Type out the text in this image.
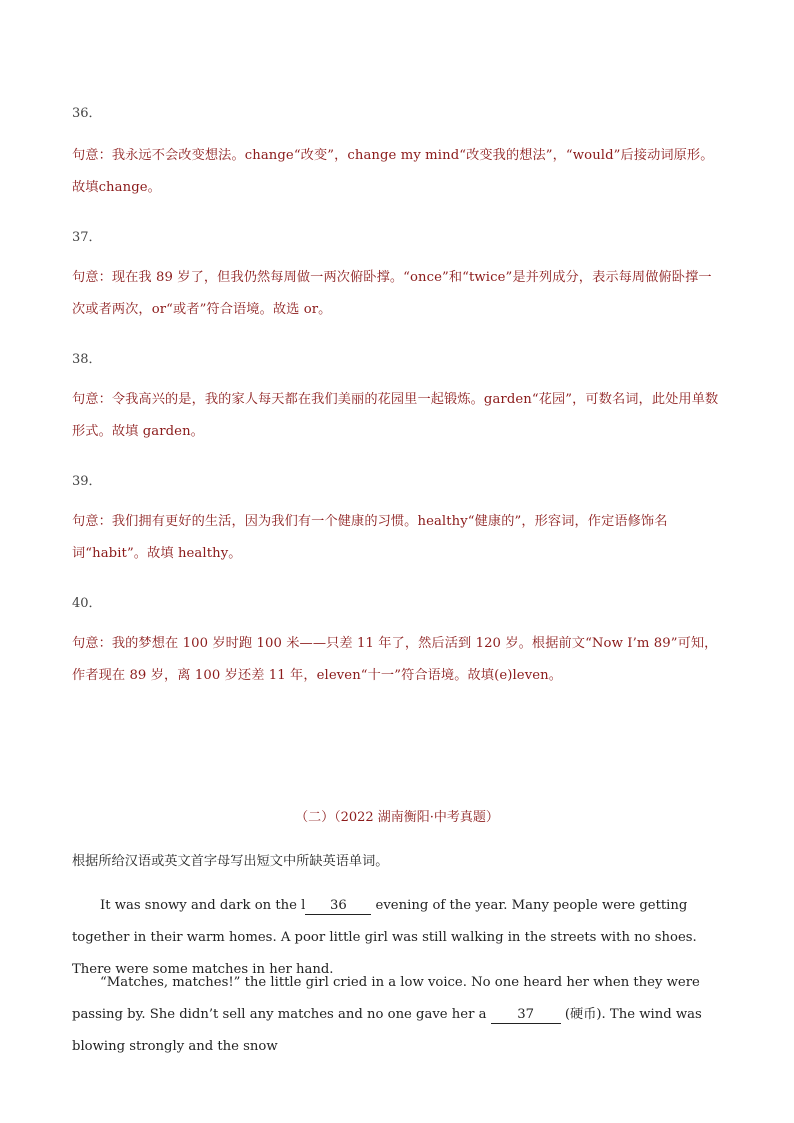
36．
句意：我永远不会改变想法。change“改变”，change my mind“改变我的想法”，“would”后接动词原形。故填change。
37．
句意：现在我 89 岁了，但我仍然每周做一两次俯卧撑。“once”和“twice”是并列成分，表示每周做俯卧撑一次或者两次，or“或者”符合语境。故选 or。
38．
句意：令我高兴的是，我的家人每天都在我们美丽的花园里一起锻炼。garden“花园”，可数名词，此处用单数形式。故填 garden。
39．
句意：我们拥有更好的生活，因为我们有一个健康的习惯。healthy“健康的”，形容词，作定语修饰名词“habit”。故填 healthy。
40．
句意：我的梦想在 100 岁时跑 100 米——只差 11 年了，然后活到 120 岁。根据前文“Now I’m 89”可知，作者现在 89 岁，离 100 岁还差 11 年，eleven“十一”符合语境。故填(e)leven。
（二）（2022 湖南衡阳·中考真题）
根据所给汉语或英文首字母写出短文中所缺英语单词。
It was snowy and dark on the l 36 evening of the year. Many people were getting together in their warm homes. A poor little girl was still walking in the streets with no shoes. There were some matches in her hand.
“Matches, matches!” the little girl cried in a low voice. No one heard her when they were passing by. She didn’t sell any matches and no one gave her a 37 (硬币). The wind was blowing strongly and the snow
